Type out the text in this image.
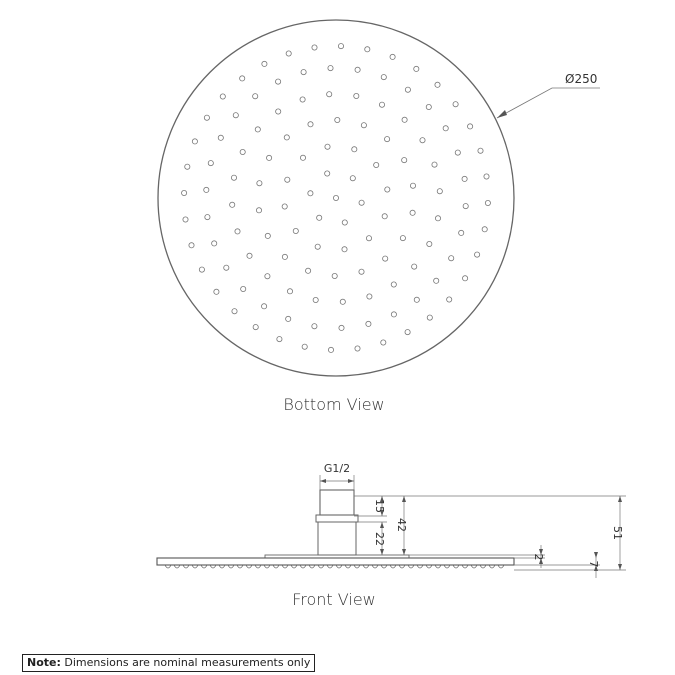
Ø250
Bottom View
G1/2
15
22
42
2
7
51
Front View
Note: Dimensions are nominal measurements only
